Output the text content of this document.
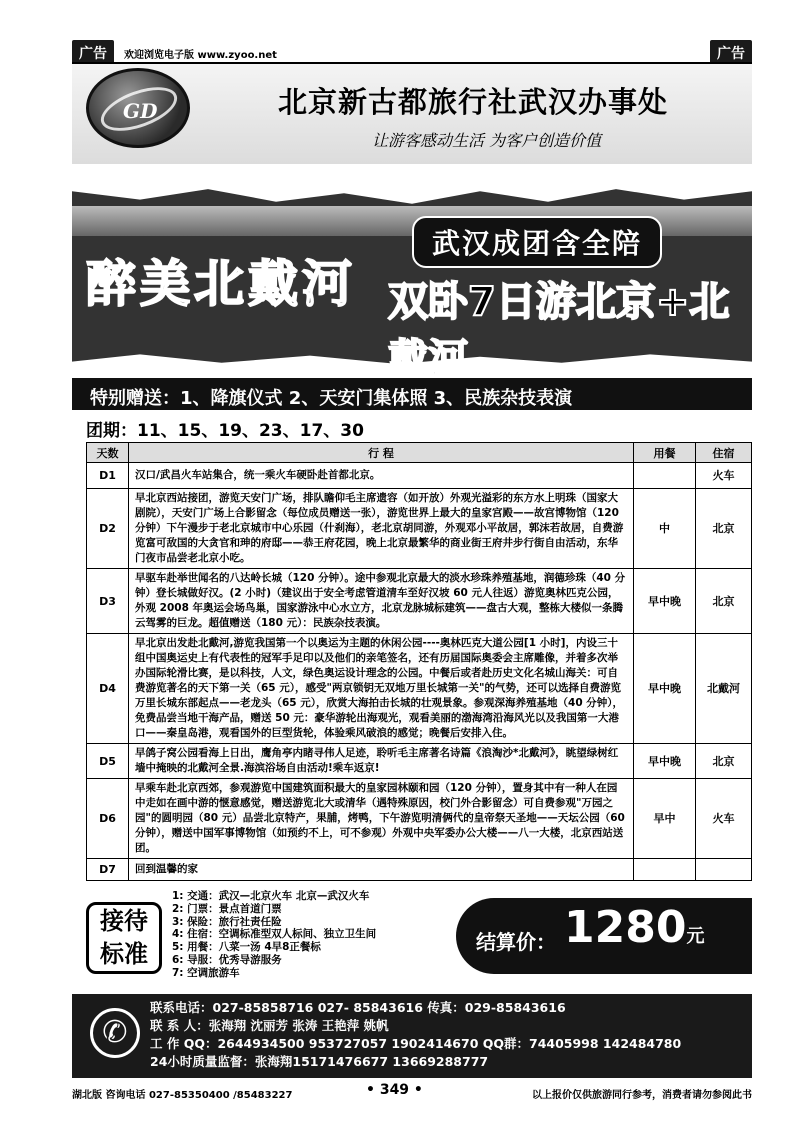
广告	欢迎浏览电子版 www.zyoo.net	广告
GD	北京新古都旅行社武汉办事处
让游客感动生活 为客户创造价值
醉美北戴河
武汉成团含全陪
双卧7日游北京+北戴河
特别赠送：1、降旗仪式 2、天安门集体照 3、民族杂技表演
团期：11、15、19、23、17、30
天数	行 程	用餐	住宿
D1	汉口/武昌火车站集合，统一乘火车硬卧赴首都北京。		火车
D2	早北京西站接团，游览天安门广场，排队瞻仰毛主席遗容（如开放）外观光溢彩的东方水上明珠（国家大剧院），天安门广场上合影留念（每位成员赠送一张），游览世界上最大的皇家宫殿——故宫博物馆（120 分钟）下午漫步于老北京城市中心乐园（什刹海），老北京胡同游，外观邓小平故居，郭沫若故居，自费游览富可敌国的大贪官和珅的府邸——恭王府花园，晚上北京最繁华的商业街王府井步行街自由活动，东华门夜市品尝老北京小吃。	中	北京
D3	早驱车赴举世闻名的八达岭长城（120 分钟）。途中参观北京最大的淡水珍珠养殖基地，润德珍珠（40 分钟）登长城做好汉。(2 小时)（建议出于安全考虑管道清车至好汉坡 60 元人往返）游览奥林匹克公园，外观 2008 年奥运会场鸟巢，国家游泳中心水立方，北京龙脉城标建筑——盘古大观，整栋大楼似一条腾云驾雾的巨龙。超值赠送（180 元）：民族杂技表演。	早中晚	北京
D4	早北京出发赴北戴河,游览我国第一个以奥运为主题的休闲公园----奥林匹克大道公园[1 小时]，内设三十组中国奥运史上有代表性的冠军手足印以及他们的亲笔签名，还有历届国际奥委会主席雕像，并着多次举办国际轮滑比赛，是以科技，人文，绿色奥运设计理念的公园。中餐后或者赴历史文化名城山海关：可自费游览著名的天下第一关（65 元），感受"两京锁钥无双地万里长城第一关"的气势，还可以选择自费游览万里长城东部起点——老龙头（65 元），欣赏大海拍击长城的壮观景象。参观深海养殖基地（40 分钟），免费品尝当地干海产品，赠送 50 元：豪华游轮出海观光，观看美丽的渤海湾沿海风光以及我国第一大港口——秦皇岛港，观看国外的巨型货轮，体验乘风破浪的感觉；晚餐后安排入住。	早中晚	北戴河
D5	早鸽子窝公园看海上日出，鹰角亭内睹寻伟人足迹，聆听毛主席著名诗篇《浪淘沙*北戴河》，眺望绿树红墙中掩映的北戴河全景.海滨浴场自由活动!乘车返京!	早中晚	北京
D6	早乘车赴北京西郊，参观游览中国建筑面积最大的皇家园林颐和园（120 分钟），置身其中有一种人在园中走如在画中游的惬意感觉，赠送游览北大或清华（遇特殊原因，校门外合影留念）可自费参观"万园之园"的圆明园（80 元）品尝北京特产，果脯，烤鸭，下午游览明清俩代的皇帝祭天圣地——天坛公园（60 分钟），赠送中国军事博物馆（如预约不上，可不参观）外观中央军委办公大楼——八一大楼，北京西站送团。	早中	火车
D7	回到温馨的家		
接待
标准
1: 交通：武汉—北京火车 北京—武汉火车
2: 门票：景点首道门票
3: 保险：旅行社责任险
4: 住宿：空调标准型双人标间、独立卫生间
5: 用餐：八菜一汤 4早8正餐标
6: 导服：优秀导游服务
7: 空调旅游车
结算价： 1280元
✆
联系电话：027-85858716 027- 85843616 传真：029-85843616
联 系 人：张海翔 沈丽芳 张涛 王艳萍 姚帆
工 作 QQ：2644934500 953727057 1902414670 QQ群：74405998 142484780
24小时质量监督：张海翔15171476677 13669288777
湖北版 咨询电话 027-85350400 /85483227	• 349 •	以上报价仅供旅游同行参考，消费者请勿参阅此书
